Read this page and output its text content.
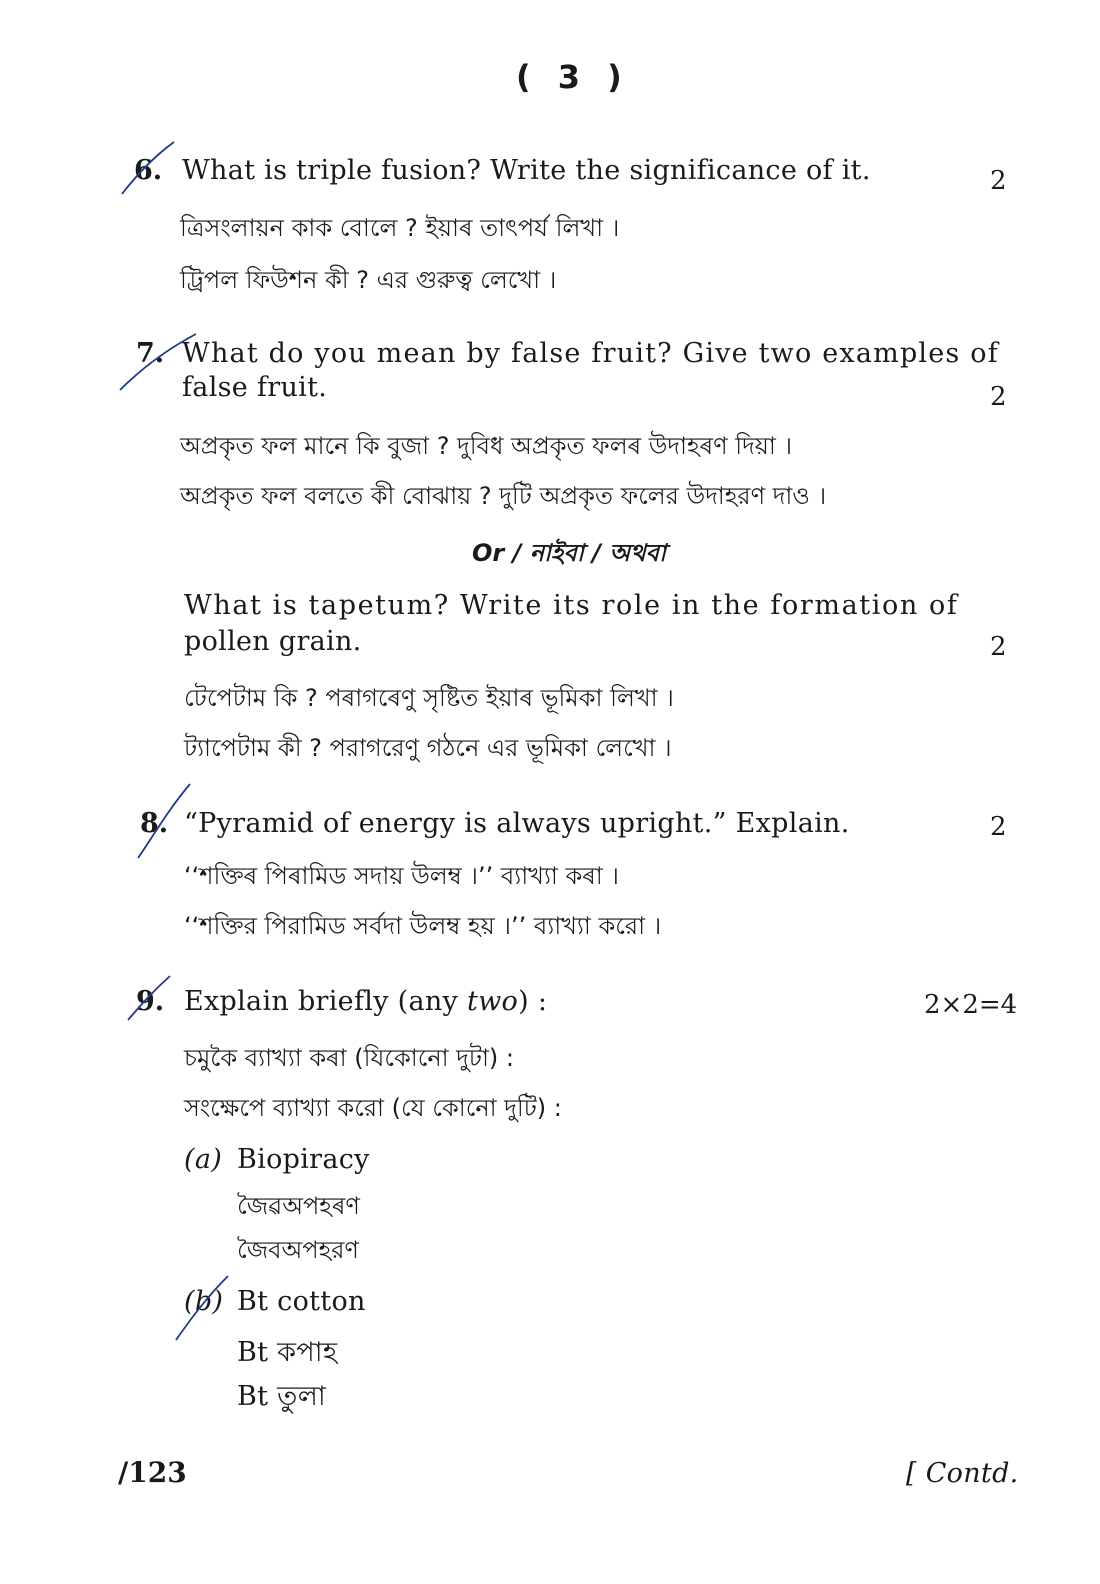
( 3 )
6. What is triple fusion? Write the significance of it.	2
ত্ৰিসংলায়ন কাক বোলে ? ইয়াৰ তাৎপৰ্য লিখা ।
ট্রিপল ফিউশন কী ? এর গুরুত্ব লেখো ।
7. What do you mean by false fruit? Give two examples of
false fruit.	2
অপ্ৰকৃত ফল মানে কি বুজা ? দুবিধ অপ্ৰকৃত ফলৰ উদাহৰণ দিয়া ।
অপ্রকৃত ফল বলতে কী বোঝায় ? দুটি অপ্রকৃত ফলের উদাহরণ দাও ।
Or / নাইবা / অথবা
What is tapetum? Write its role in the formation of
pollen grain.	2
টেপেটাম কি ? পৰাগৰেণু সৃষ্টিত ইয়াৰ ভূমিকা লিখা ।
ট্যাপেটাম কী ? পরাগরেণু গঠনে এর ভূমিকা লেখো ।
8. “Pyramid of energy is always upright.” Explain.	2
‘‘শক্তিৰ পিৰামিড সদায় উলম্ব ।’’ ব্যাখ্যা কৰা ।
‘‘শক্তির পিরামিড সর্বদা উলম্ব হয় ।’’ ব্যাখ্যা করো ।
9. Explain briefly (any two) :	2×2=4
চমুকৈ ব্যাখ্যা কৰা (যিকোনো দুটা) :
সংক্ষেপে ব্যাখ্যা করো (যে কোনো দুটি) :
(a) Biopiracy
জৈৱঅপহৰণ
জৈবঅপহরণ
(b) Bt cotton
Bt কপাহ
Bt তুলা
/123	[ Contd.
